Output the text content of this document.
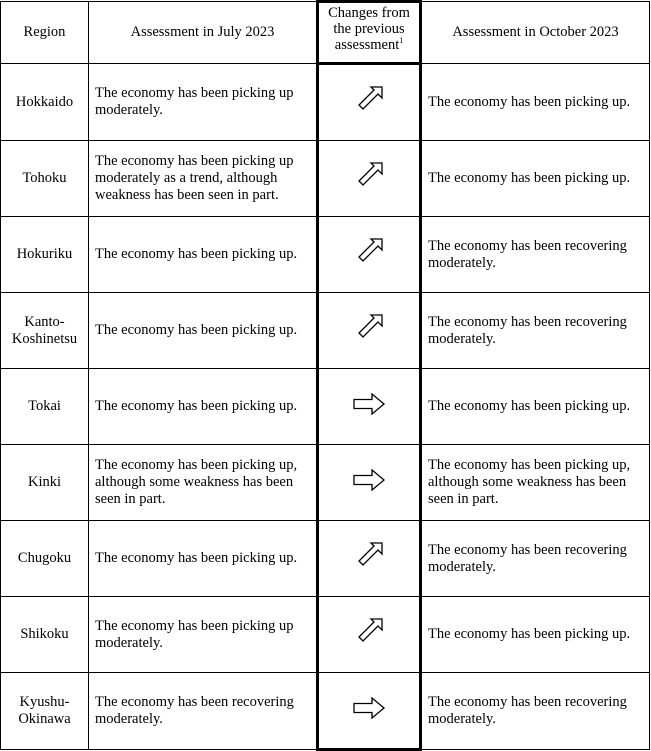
Region	Assessment in July 2023	Changes from
the previous
assessment$^1$	Assessment in October 2023

Hokkaido	The economy has been picking up moderately.		The economy has been picking up.

Tohoku	The economy has been picking up moderately as a trend, although weakness has been seen in part.		The economy has been picking up.

Hokuriku	The economy has been picking up.		The economy has been recovering moderately.

Kanto-
Koshinetsu	The economy has been picking up.		The economy has been recovering moderately.

Tokai	The economy has been picking up.		The economy has been picking up.

Kinki	The economy has been picking up, although some weakness has been seen in part.		The economy has been picking up, although some weakness has been seen in part.

Chugoku	The economy has been picking up.		The economy has been recovering moderately.

Shikoku	The economy has been picking up moderately.		The economy has been picking up.

Kyushu-
Okinawa	The economy has been recovering moderately.		The economy has been recovering moderately.
